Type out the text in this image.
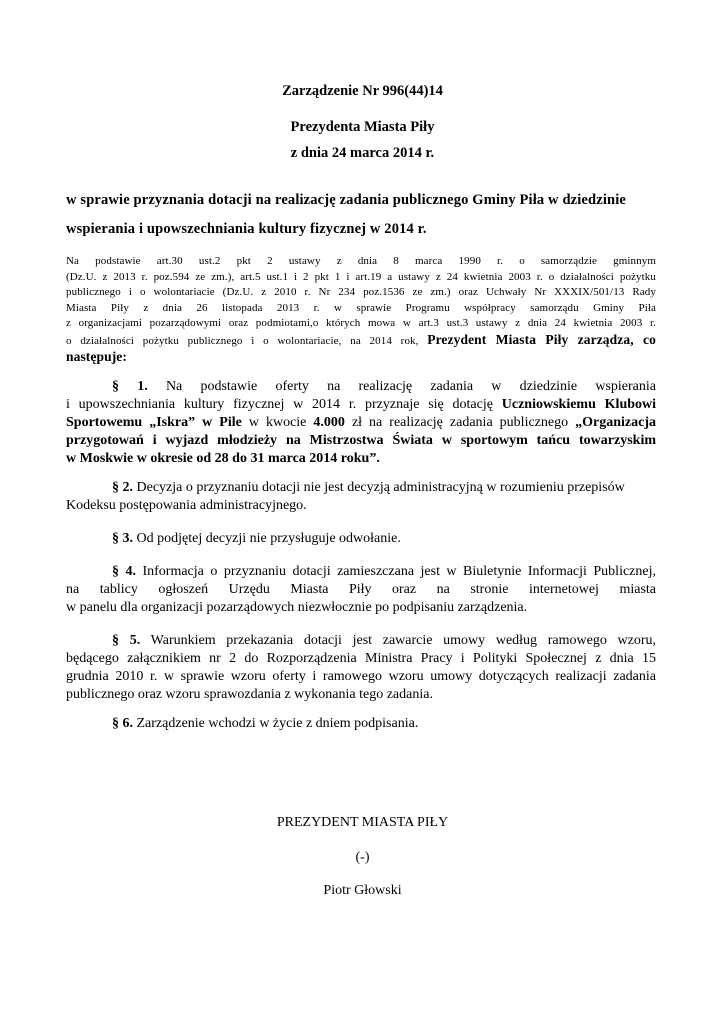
Zarządzenie Nr 996(44)14
Prezydenta Miasta Piły
z dnia 24 marca 2014 r.
w sprawie przyznania dotacji na realizację zadania publicznego Gminy Piła w dziedzinie
wspierania i upowszechniania kultury fizycznej w 2014 r.
Na podstawie art.30 ust.2 pkt 2 ustawy z dnia 8 marca 1990 r. o samorządzie gminnym
(Dz.U. z 2013 r. poz.594 ze zm.), art.5 ust.1 i 2 pkt 1 i art.19 a ustawy z 24 kwietnia 2003 r. o działalności pożytku
publicznego i o wolontariacie (Dz.U. z 2010 r. Nr 234 poz.1536 ze zm.) oraz Uchwały Nr XXXIX/501/13 Rady
Miasta Piły z dnia 26 listopada 2013 r. w sprawie Programu współpracy samorządu Gminy Piła
z organizacjami pozarządowymi oraz podmiotami,o których mowa w art.3 ust.3 ustawy z dnia 24 kwietnia 2003 r.
o działalności pożytku publicznego i o wolontariacie, na 2014 rok, Prezydent Miasta Piły zarządza, co
następuje:
§ 1. Na podstawie oferty na realizację zadania w dziedzinie wspierania
i upowszechniania kultury fizycznej w 2014 r. przyznaje się dotację Uczniowskiemu Klubowi
Sportowemu „Iskra” w Pile w kwocie 4.000 zł na realizację zadania publicznego „Organizacja
przygotowań i wyjazd młodzieży na Mistrzostwa Świata w sportowym tańcu towarzyskim
w Moskwie w okresie od 28 do 31 marca 2014 roku”.
§ 2. Decyzja o przyznaniu dotacji nie jest decyzją administracyjną w rozumieniu przepisów
Kodeksu postępowania administracyjnego.
§ 3. Od podjętej decyzji nie przysługuje odwołanie.
§ 4. Informacja o przyznaniu dotacji zamieszczana jest w Biuletynie Informacji Publicznej,
na tablicy ogłoszeń Urzędu Miasta Piły oraz na stronie internetowej miasta
w panelu dla organizacji pozarządowych niezwłocznie po podpisaniu zarządzenia.
§ 5. Warunkiem przekazania dotacji jest zawarcie umowy według ramowego wzoru,
będącego załącznikiem nr 2 do Rozporządzenia Ministra Pracy i Polityki Społecznej z dnia 15
grudnia 2010 r. w sprawie wzoru oferty i ramowego wzoru umowy dotyczących realizacji zadania
publicznego oraz wzoru sprawozdania z wykonania tego zadania.
§ 6. Zarządzenie wchodzi w życie z dniem podpisania.
PREZYDENT MIASTA PIŁY
(-)
Piotr Głowski
